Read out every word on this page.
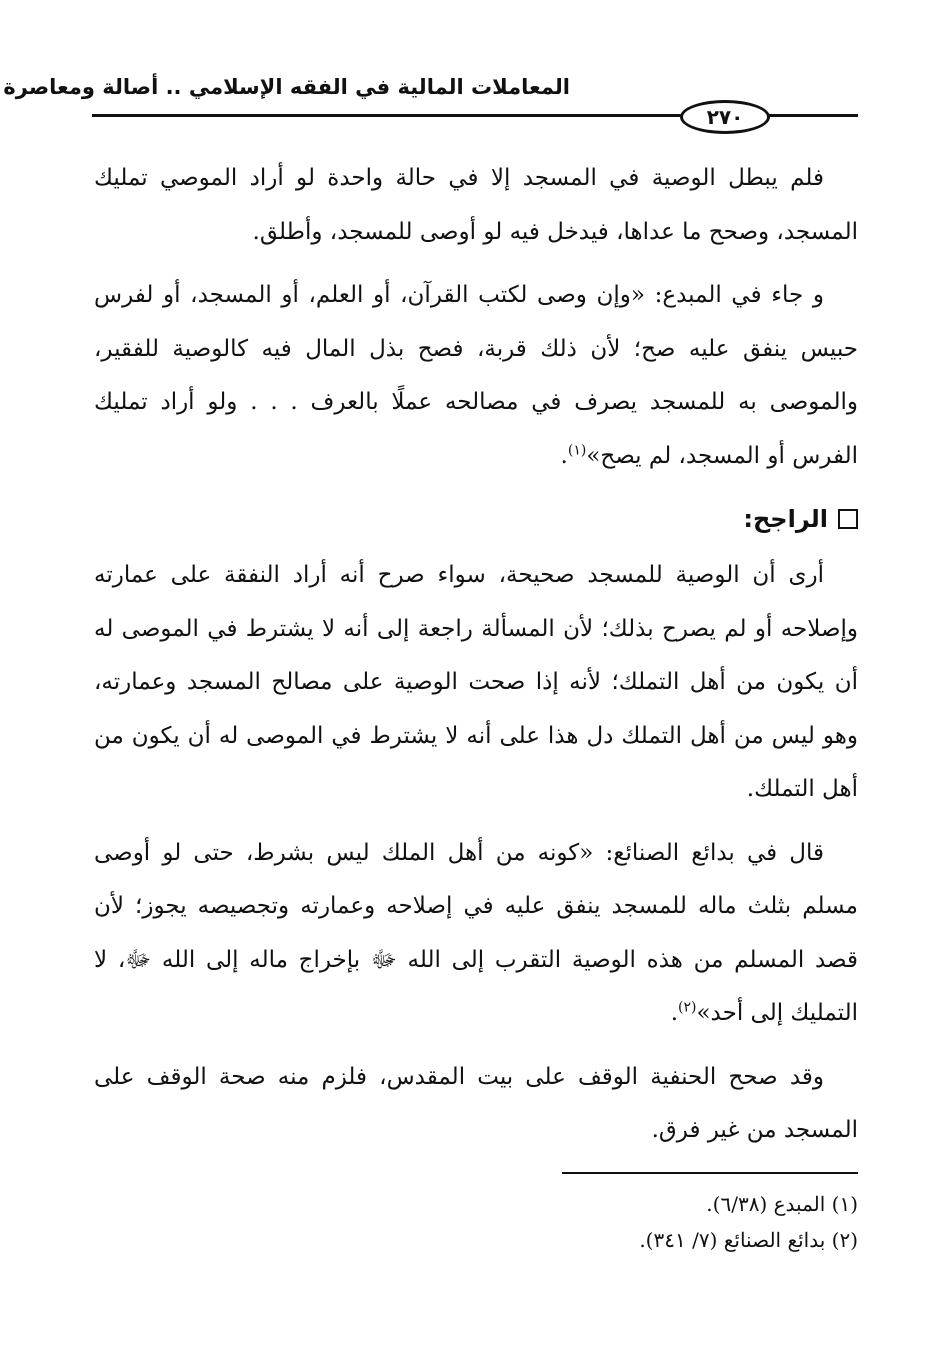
المعاملات المالية في الفقه الإسلامي .. أصالة ومعاصرة
٢٧٠

فلم يبطل الوصية في المسجد إلا في حالة واحدة لو أراد الموصي تمليك المسجد، وصحح ما عداها، فيدخل فيه لو أوصى للمسجد، وأطلق.

و جاء في المبدع: «وإن وصى لكتب القرآن، أو العلم، أو المسجد، أو لفرس حبيس ينفق عليه صح؛ لأن ذلك قربة، فصح بذل المال فيه كالوصية للفقير، والموصى به للمسجد يصرف في مصالحه عملًا بالعرف . . . ولو أراد تمليك الفرس أو المسجد، لم يصح»$^{(١)}$.

الراجح:

أرى أن الوصية للمسجد صحيحة، سواء صرح أنه أراد النفقة على عمارته وإصلاحه أو لم يصرح بذلك؛ لأن المسألة راجعة إلى أنه لا يشترط في الموصى له أن يكون من أهل التملك؛ لأنه إذا صحت الوصية على مصالح المسجد وعمارته، وهو ليس من أهل التملك دل هذا على أنه لا يشترط في الموصى له أن يكون من أهل التملك.

قال في بدائع الصنائع: «كونه من أهل الملك ليس بشرط، حتى لو أوصى مسلم بثلث ماله للمسجد ينفق عليه في إصلاحه وعمارته وتجصيصه يجوز؛ لأن قصد المسلم من هذه الوصية التقرب إلى الله ﷻ بإخراج ماله إلى الله ﷻ، لا التمليك إلى أحد»$^{(٢)}$.

وقد صحح الحنفية الوقف على بيت المقدس، فلزم منه صحة الوقف على المسجد من غير فرق.

(١) المبدع (٦/٣٨).

(٢) بدائع الصنائع (٧/ ٣٤١).
